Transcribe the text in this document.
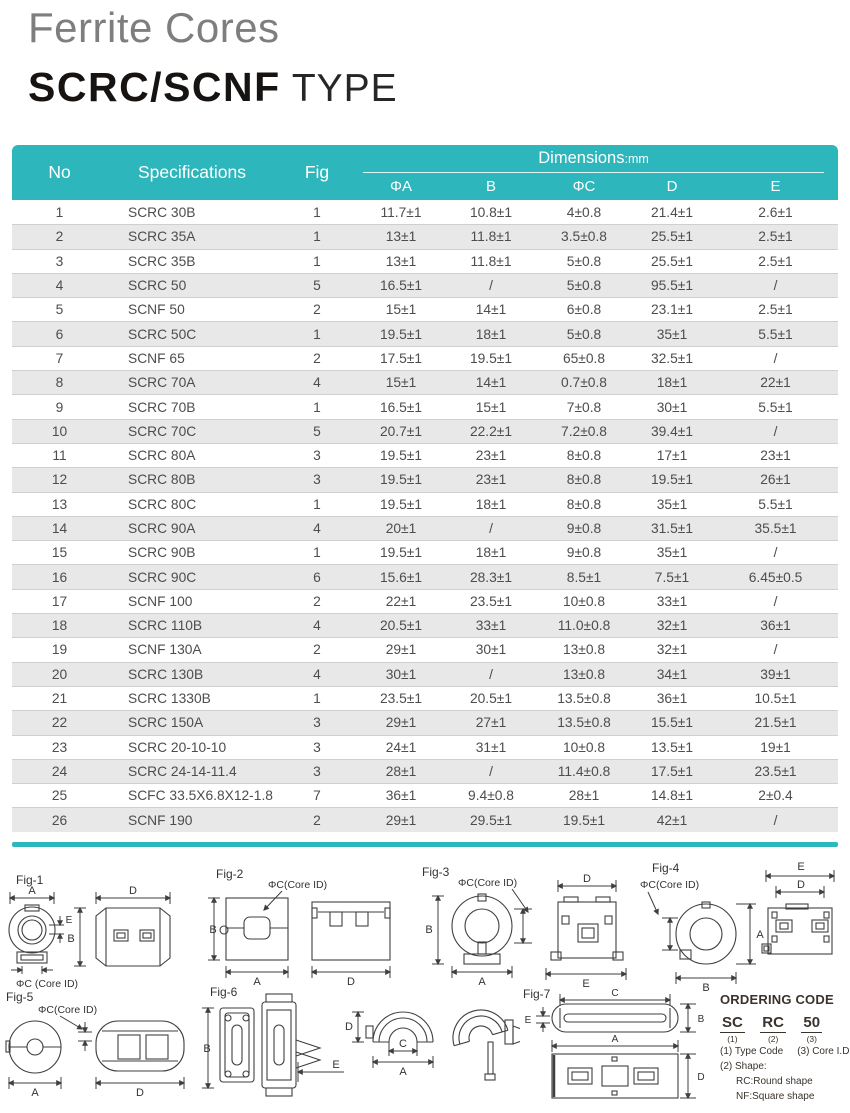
Ferrite Cores
SCRC/SCNF TYPE
No	Specifications	Fig	Dimensions:mm				

			ΦA	B	ΦC	D	E
1	SCRC 30B	1	11.7±1	10.8±1	4±0.8	21.4±1	2.6±1
2	SCRC 35A	1	13±1	11.8±1	3.5±0.8	25.5±1	2.5±1
3	SCRC 35B	1	13±1	11.8±1	5±0.8	25.5±1	2.5±1
4	SCRC 50	5	16.5±1	/	5±0.8	95.5±1	/
5	SCNF 50	2	15±1	14±1	6±0.8	23.1±1	2.5±1
6	SCRC 50C	1	19.5±1	18±1	5±0.8	35±1	5.5±1
7	SCNF 65	2	17.5±1	19.5±1	65±0.8	32.5±1	/
8	SCRC 70A	4	15±1	14±1	0.7±0.8	18±1	22±1
9	SCRC 70B	1	16.5±1	15±1	7±0.8	30±1	5.5±1
10	SCRC 70C	5	20.7±1	22.2±1	7.2±0.8	39.4±1	/
11	SCRC 80A	3	19.5±1	23±1	8±0.8	17±1	23±1
12	SCRC 80B	3	19.5±1	23±1	8±0.8	19.5±1	26±1
13	SCRC 80C	1	19.5±1	18±1	8±0.8	35±1	5.5±1
14	SCRC 90A	4	20±1	/	9±0.8	31.5±1	35.5±1
15	SCRC 90B	1	19.5±1	18±1	9±0.8	35±1	/
16	SCRC 90C	6	15.6±1	28.3±1	8.5±1	7.5±1	6.45±0.5
17	SCNF 100	2	22±1	23.5±1	10±0.8	33±1	/
18	SCRC 110B	4	20.5±1	33±1	11.0±0.8	32±1	36±1
19	SCNF 130A	2	29±1	30±1	13±0.8	32±1	/
20	SCRC 130B	4	30±1	/	13±0.8	34±1	39±1
21	SCRC 1330B	1	23.5±1	20.5±1	13.5±0.8	36±1	10.5±1
22	SCRC 150A	3	29±1	27±1	13.5±0.8	15.5±1	21.5±1
23	SCRC 20-10-10	3	24±1	31±1	10±0.8	13.5±1	19±1
24	SCRC 24-14-11.4	3	28±1	/	11.4±0.8	17.5±1	23.5±1
25	SCFC 33.5X6.8X12-1.8	7	36±1	9.4±0.8	28±1	14.8±1	2±0.4
26	SCNF 190	2	29±1	29.5±1	19.5±1	42±1	/
Fig-1
A
E
ΦC (Core ID)
D
B
Fig-2
ΦC(Core ID)
B
A	D
Fig-3
ΦC(Core ID)
B
A
D
E
Fig-4
ΦC(Core ID)
A
B
E
D
Fig-5
ΦC(Core ID)
A	D
Fig-6
B
E
D
C
A
Fig-7	C
B
E
A
D
ORDERING CODE
SC
(1)
RC
(2)
50
(3)
(1) Type Code (3) Core I.D
(2) Shape:
RC:Round shape
NF:Square shape
